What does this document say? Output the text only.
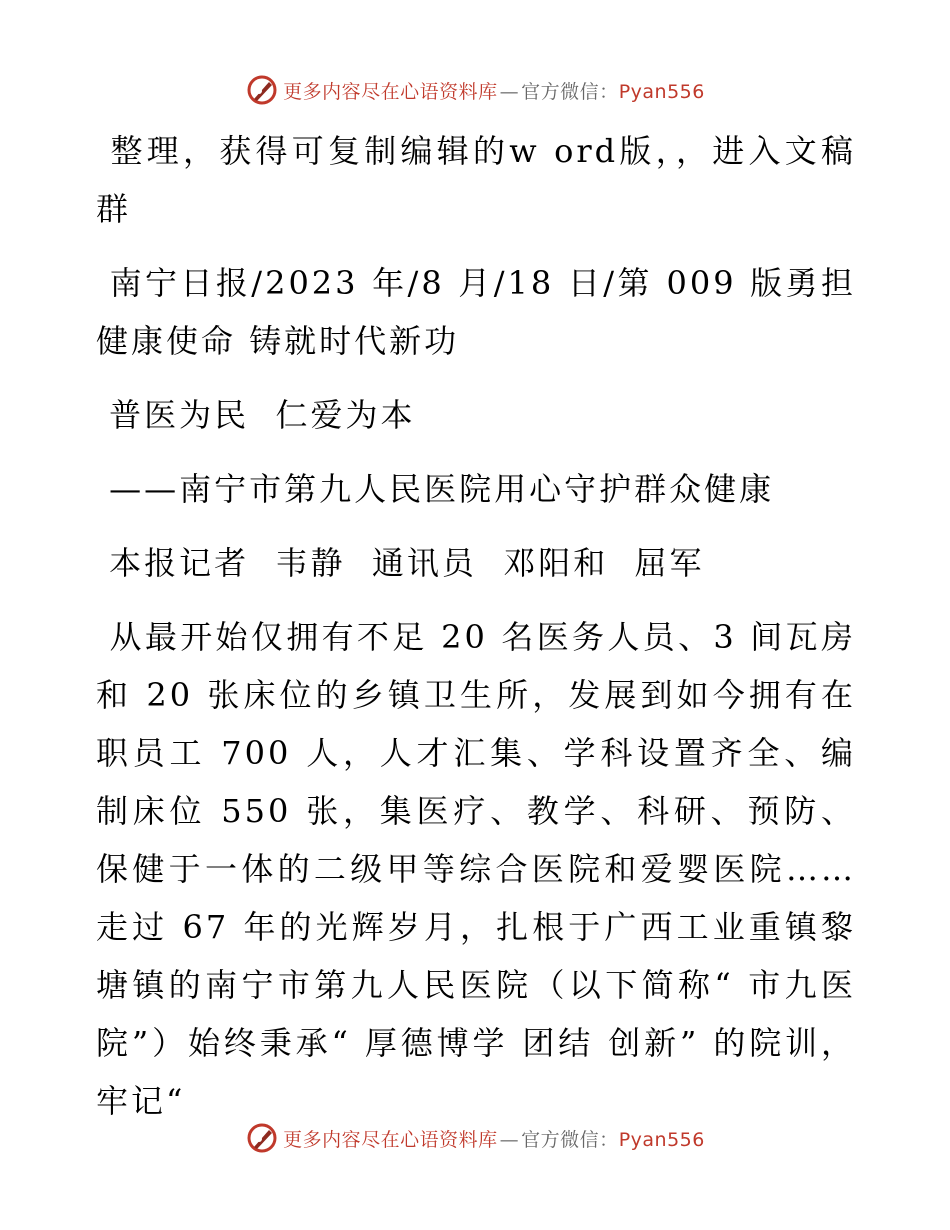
更多内容尽在心语资料库 — 官方微信：Pyan556

整理，获得可复制编辑的w ord版，，进入文稿群

南宁日报/2023 年/8 月/18 日/第 009 版勇担健康使命 铸就时代新功

普医为民  仁爱为本

——南宁市第九人民医院用心守护群众健康

本报记者  韦静  通讯员  邓阳和  屈军

从最开始仅拥有不足 20 名医务人员、3 间瓦房和 20 张床位的乡镇卫生所，发展到如今拥有在职员工 700 人，人才汇集、学科设置齐全、编制床位 550 张，集医疗、教学、科研、预防、保健于一体的二级甲等综合医院和爱婴医院……走过 67 年的光辉岁月，扎根于广西工业重镇黎塘镇的南宁市第九人民医院（以下简称“ 市九医院”）始终秉承“ 厚德博学 团结 创新” 的院训，牢记“

更多内容尽在心语资料库 — 官方微信：Pyan556
